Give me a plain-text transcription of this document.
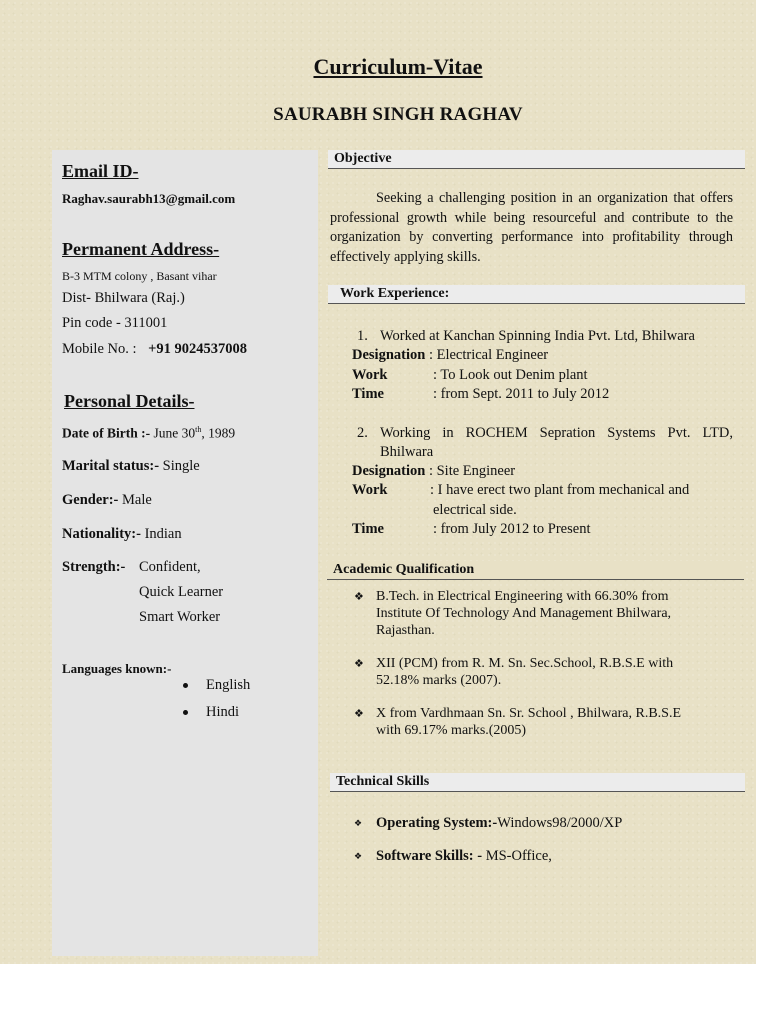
Curriculum-Vitae
SAURABH SINGH RAGHAV
Email ID-
Raghav.saurabh13@gmail.com
Permanent Address-
B-3 MTM colony , Basant vihar
Dist- Bhilwara (Raj.)
Pin code - 311001
Mobile No. : +91 9024537008
Personal Details-
Date of Birth :- June 30th, 1989
Marital status:- Single
Gender:- Male
Nationality:- Indian
Strength:- Confident,
Quick Learner
Smart Worker
Languages known:-
English
Hindi
Objective
Seeking a challenging position in an organization that offers professional growth while being resourceful and contribute to the organization by converting performance into profitability through effectively applying skills.
Work Experience:
1. Worked at Kanchan Spinning India Pvt. Ltd, Bhilwara
Designation : Electrical Engineer
Work	: To Look out Denim plant
Time	: from Sept. 2011 to July 2012
2. Working in ROCHEM Sepration Systems Pvt. LTD,
Bhilwara
Designation : Site Engineer
Work	: I have erect two plant from mechanical and
electrical side.
Time	: from July 2012 to Present
Academic Qualification
❖ B.Tech. in Electrical Engineering with 66.30% from
Institute Of Technology And Management Bhilwara,
Rajasthan.
❖ XII (PCM) from R. M. Sn. Sec.School, R.B.S.E with
52.18% marks (2007).
❖ X from Vardhmaan Sn. Sr. School , Bhilwara, R.B.S.E
with 69.17% marks.(2005)
Technical Skills
❖ Operating System:-Windows98/2000/XP
❖ Software Skills: - MS-Office,
